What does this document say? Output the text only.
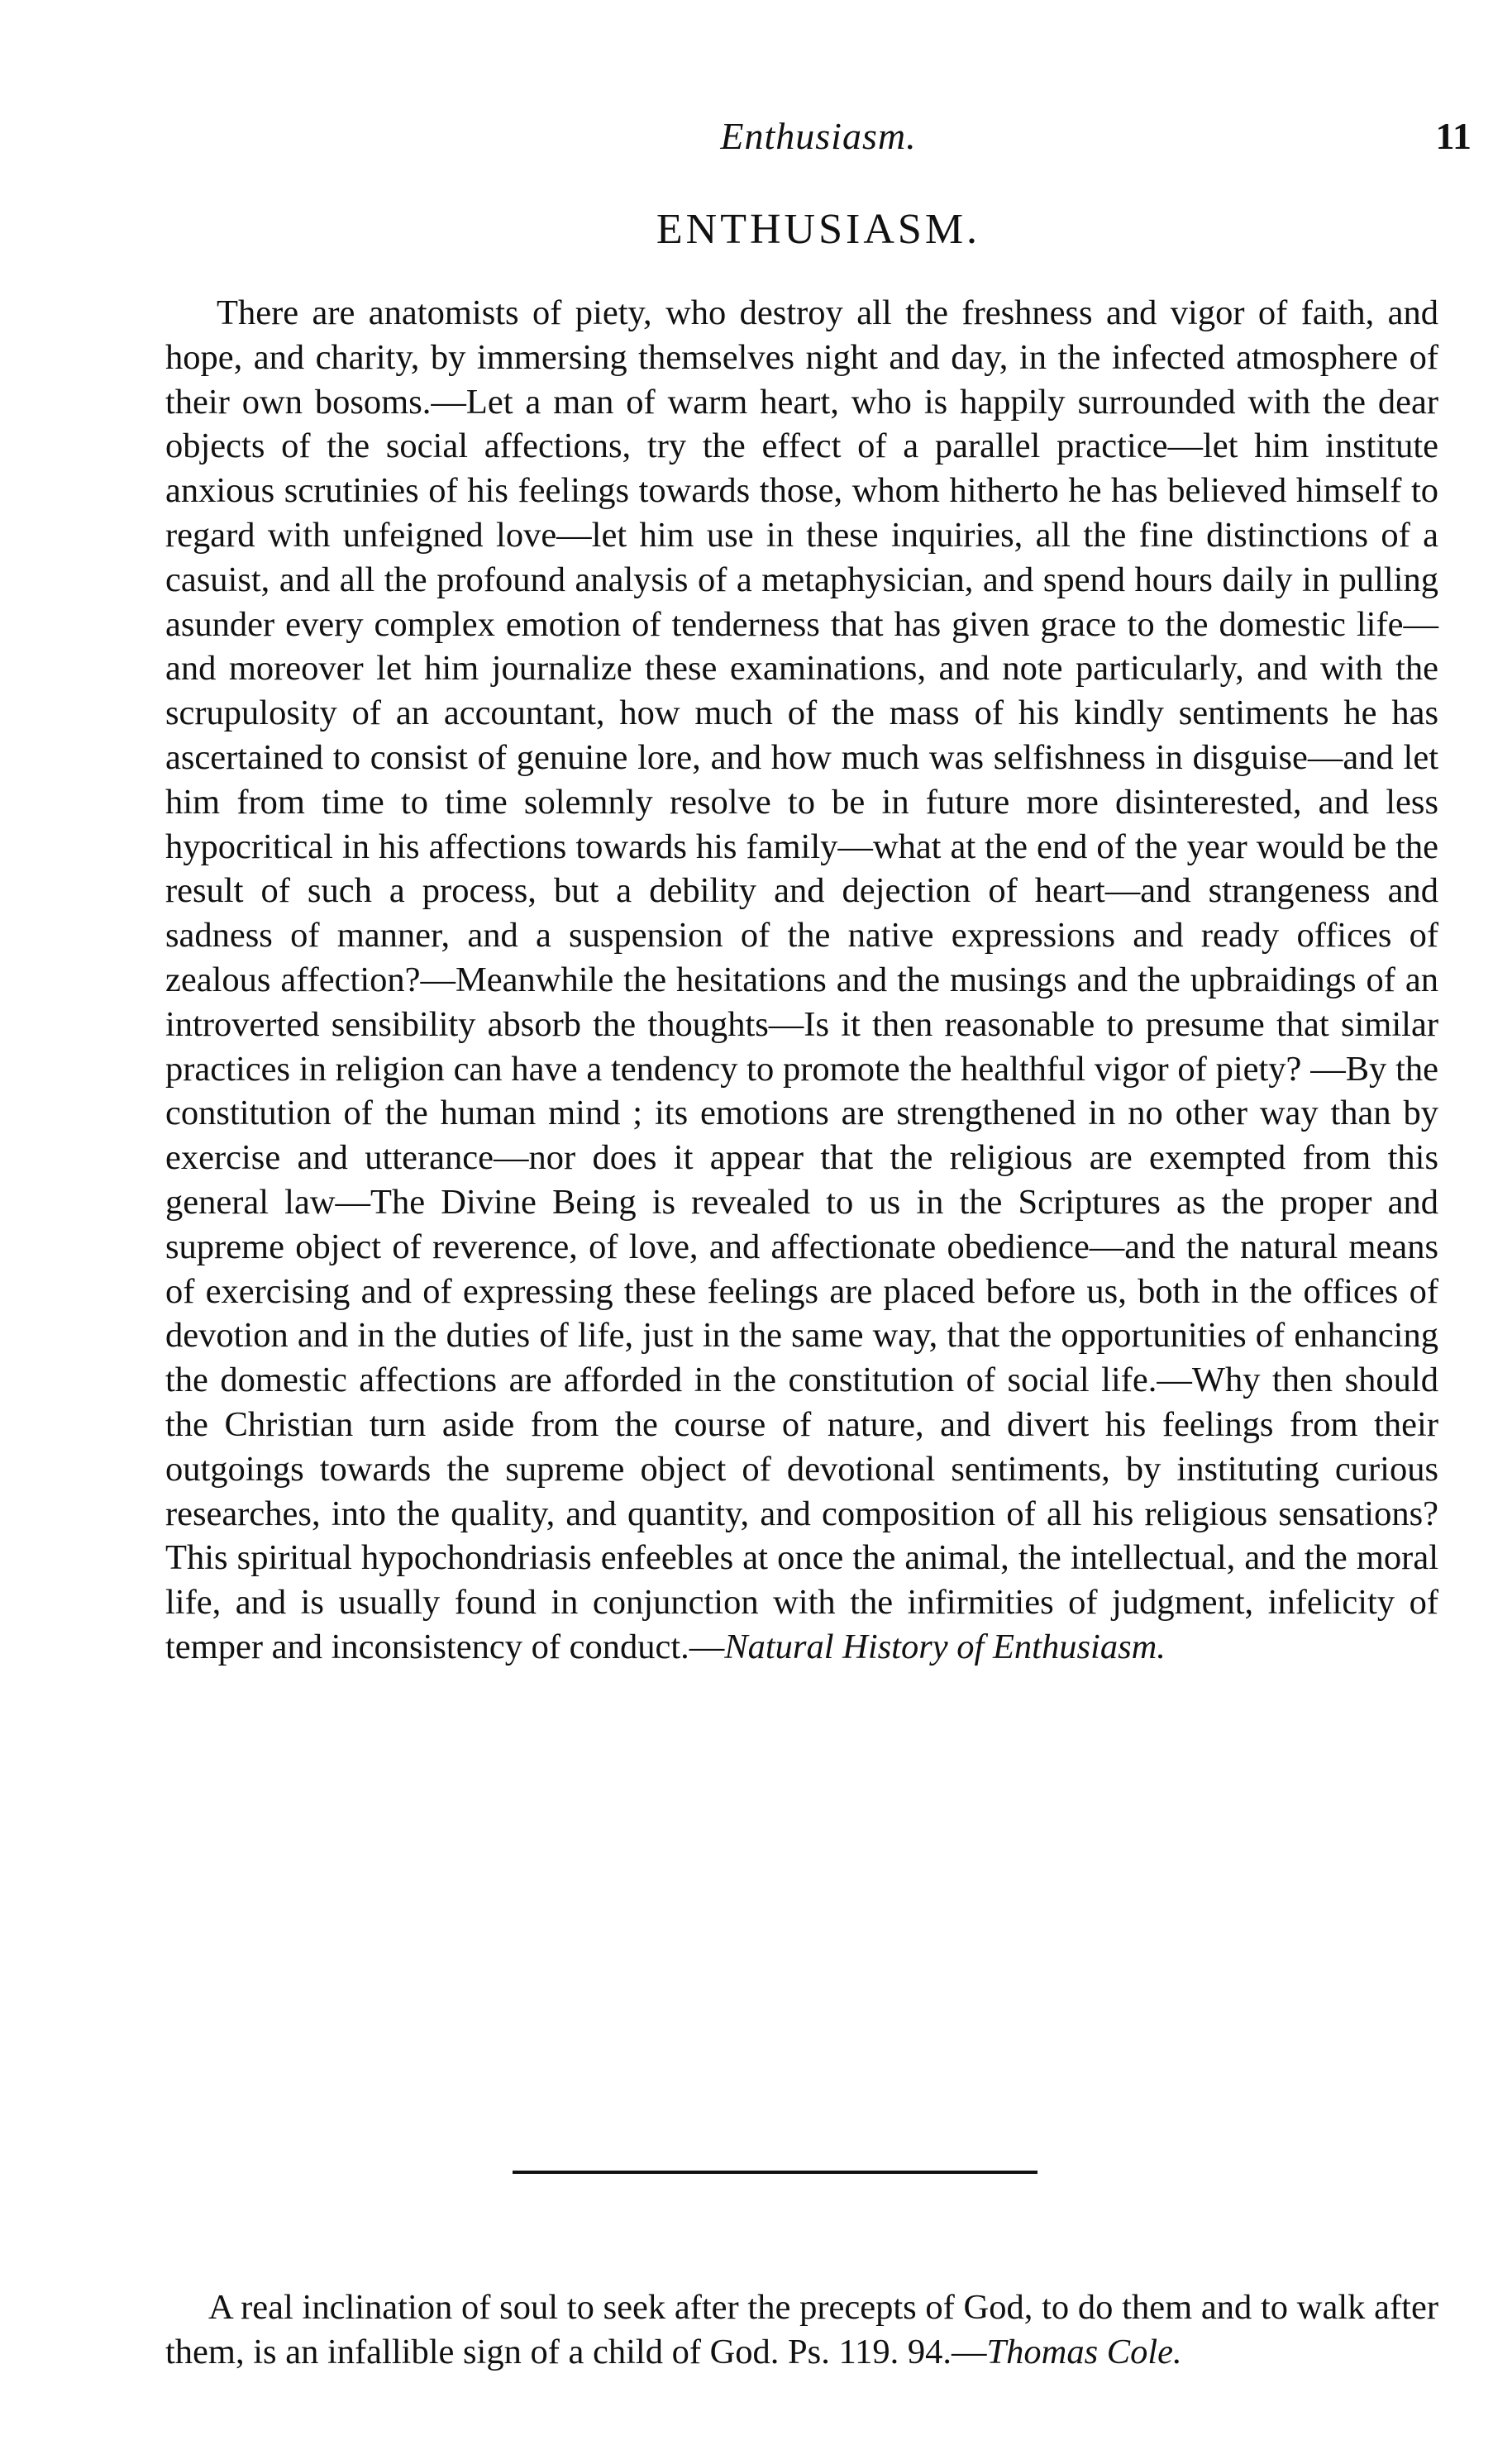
Enthusiasm.	11
ENTHUSIASM.

There are anatomists of piety, who destroy all the freshness and vigor of faith, and hope, and charity, by immersing themselves night and day, in the infected atmosphere of their own bosoms.—Let a man of warm heart, who is happily surrounded with the dear objects of the social affections, try the effect of a parallel practice—let him institute anxious scrutinies of his feelings towards those, whom hitherto he has believed himself to regard with unfeigned love—let him use in these inquiries, all the fine distinctions of a casuist, and all the profound analysis of a metaphysician, and spend hours daily in pulling asunder every complex emotion of tenderness that has given grace to the domestic life—and moreover let him journalize these examinations, and note particularly, and with the scrupulosity of an accountant, how much of the mass of his kindly sentiments he has ascertained to consist of genuine lore, and how much was selfishness in disguise—and let him from time to time solemnly resolve to be in future more disinterested, and less hypocritical in his affections towards his family—what at the end of the year would be the result of such a process, but a debility and dejection of heart—and strangeness and sadness of manner, and a suspension of the native expressions and ready offices of zealous affection?—Meanwhile the hesitations and the musings and the upbraidings of an introverted sensibility absorb the thoughts—Is it then reasonable to presume that similar practices in religion can have a tendency to promote the healthful vigor of piety? —By the constitution of the human mind ; its emotions are strengthened in no other way than by exercise and utterance—nor does it appear that the religious are exempted from this general law—The Divine Being is revealed to us in the Scriptures as the proper and supreme object of reverence, of love, and affectionate obedience—and the natural means of exercising and of expressing these feelings are placed before us, both in the offices of devotion and in the duties of life, just in the same way, that the opportunities of enhancing the domestic affections are afforded in the constitution of social life.—Why then should the Christian turn aside from the course of nature, and divert his feelings from their outgoings towards the supreme object of devotional sentiments, by instituting curious researches, into the quality, and quantity, and composition of all his religious sensations? This spiritual hypochondriasis enfeebles at once the animal, the intellectual, and the moral life, and is usually found in conjunction with the infirmities of judgment, infelicity of temper and inconsistency of conduct.—Natural History of Enthusiasm.

A real inclination of soul to seek after the precepts of God, to do them and to walk after them, is an infallible sign of a child of God. Ps. 119. 94.—Thomas Cole.
